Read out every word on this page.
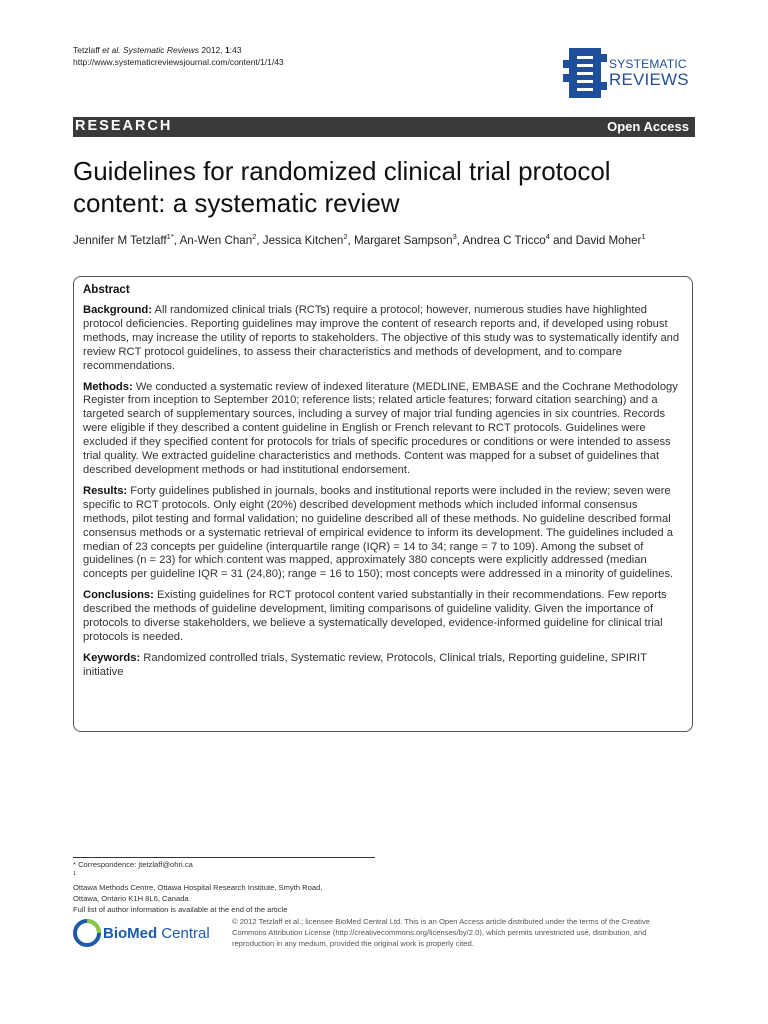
Tetzlaff et al. Systematic Reviews 2012, 1:43
http://www.systematicreviewsjournal.com/content/1/1/43	SYSTEMATIC
REVIEWS
RESEARCH	Open Access
Guidelines for randomized clinical trial protocol
content: a systematic review
Jennifer M Tetzlaff$^{1*}$, An-Wen Chan$^2$, Jessica Kitchen$^2$, Margaret Sampson$^3$, Andrea C Tricco$^4$ and David Moher$^1$
Abstract

Background: All randomized clinical trials (RCTs) require a protocol; however, numerous studies have highlighted protocol deficiencies. Reporting guidelines may improve the content of research reports and, if developed using robust methods, may increase the utility of reports to stakeholders. The objective of this study was to systematically identify and review RCT protocol guidelines, to assess their characteristics and methods of development, and to compare recommendations.

Methods: We conducted a systematic review of indexed literature (MEDLINE, EMBASE and the Cochrane Methodology Register from inception to September 2010; reference lists; related article features; forward citation searching) and a targeted search of supplementary sources, including a survey of major trial funding agencies in six countries. Records were eligible if they described a content guideline in English or French relevant to RCT protocols. Guidelines were excluded if they specified content for protocols for trials of specific procedures or conditions or were intended to assess trial quality. We extracted guideline characteristics and methods. Content was mapped for a subset of guidelines that described development methods or had institutional endorsement.

Results: Forty guidelines published in journals, books and institutional reports were included in the review; seven were specific to RCT protocols. Only eight (20%) described development methods which included informal consensus methods, pilot testing and formal validation; no guideline described all of these methods. No guideline described formal consensus methods or a systematic retrieval of empirical evidence to inform its development. The guidelines included a median of 23 concepts per guideline (interquartile range (IQR) = 14 to 34; range = 7 to 109). Among the subset of guidelines (n = 23) for which content was mapped, approximately 380 concepts were explicitly addressed (median concepts per guideline IQR = 31 (24,80); range = 16 to 150); most concepts were addressed in a minority of guidelines.

Conclusions: Existing guidelines for RCT protocol content varied substantially in their recommendations. Few reports described the methods of guideline development, limiting comparisons of guideline validity. Given the importance of protocols to diverse stakeholders, we believe a systematically developed, evidence-informed guideline for clinical trial protocols is needed.

Keywords: Randomized controlled trials, Systematic review, Protocols, Clinical trials, Reporting guideline, SPIRIT initiative

* Correspondence: jtetzlaff@ohri.ca
$^1$
Ottawa Methods Centre, Ottawa Hospital Research Institute, Smyth Road,
Ottawa, Ontario K1H 8L6, Canada
Full list of author information is available at the end of the article
BioMed Central
© 2012 Tetzlaff et al.; licensee BioMed Central Ltd. This is an Open Access article distributed under the terms of the Creative
Commons Attribution License (http://creativecommons.org/licenses/by/2.0), which permits unrestricted use, distribution, and
reproduction in any medium, provided the original work is properly cited.
